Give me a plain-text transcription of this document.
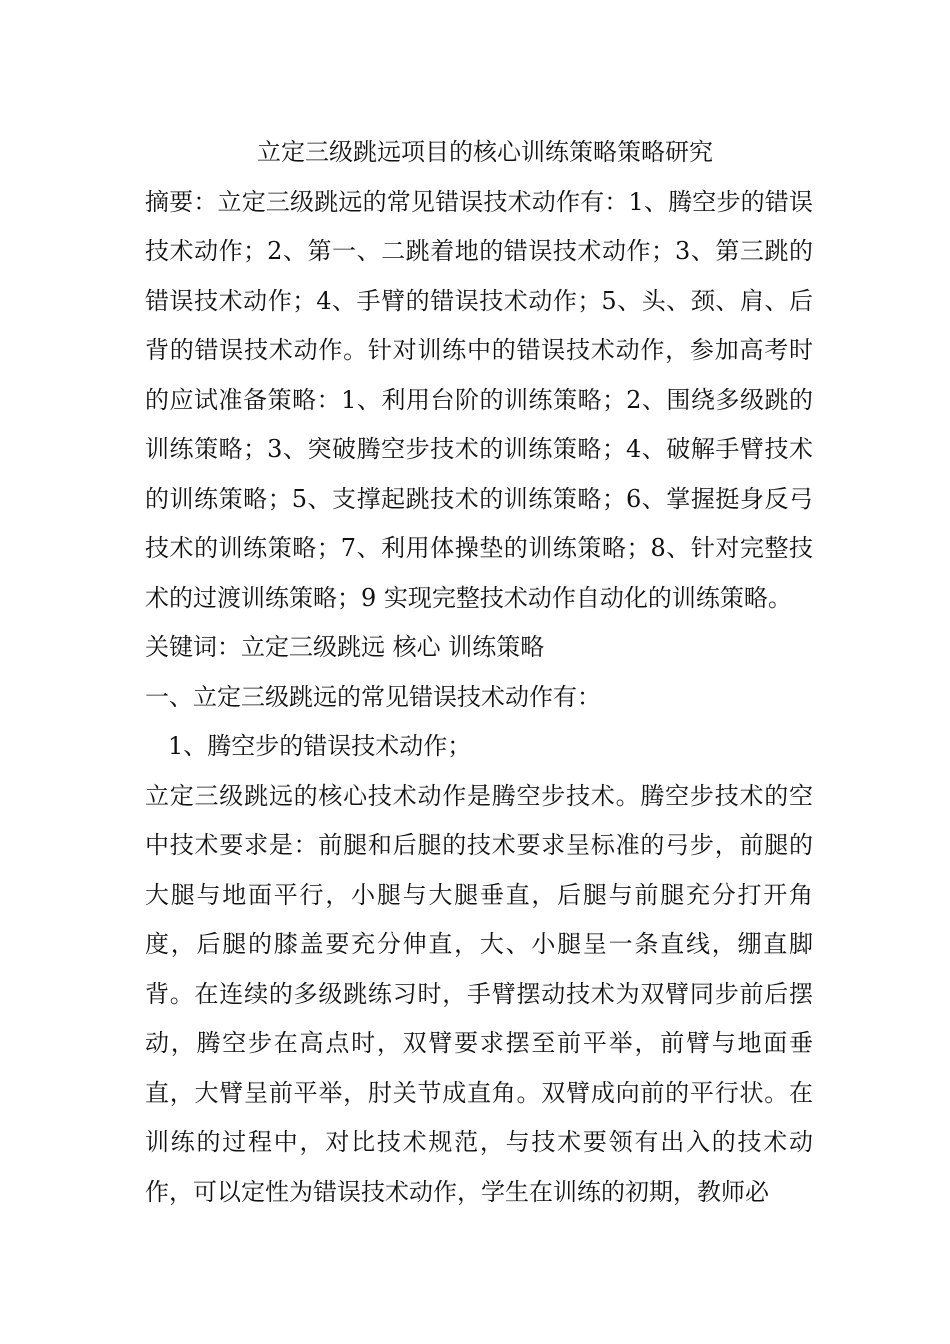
立定三级跳远项目的核心训练策略策略研究

摘要：立定三级跳远的常见错误技术动作有：1、腾空步的错误技术动作；2、第一、二跳着地的错误技术动作；3、第三跳的错误技术动作；4、手臂的错误技术动作；5、头、颈、肩、后背的错误技术动作。针对训练中的错误技术动作，参加高考时的应试准备策略：1、利用台阶的训练策略；2、围绕多级跳的训练策略；3、突破腾空步技术的训练策略；4、破解手臂技术的训练策略；5、支撑起跳技术的训练策略；6、掌握挺身反弓技术的训练策略；7、利用体操垫的训练策略；8、针对完整技术的过渡训练策略；9 实现完整技术动作自动化的训练策略。

关键词：立定三级跳远 核心 训练策略

一、立定三级跳远的常见错误技术动作有：

1、腾空步的错误技术动作；

立定三级跳远的核心技术动作是腾空步技术。腾空步技术的空中技术要求是：前腿和后腿的技术要求呈标准的弓步，前腿的大腿与地面平行，小腿与大腿垂直，后腿与前腿充分打开角度，后腿的膝盖要充分伸直，大、小腿呈一条直线，绷直脚背。在连续的多级跳练习时，手臂摆动技术为双臂同步前后摆动，腾空步在高点时，双臂要求摆至前平举，前臂与地面垂直，大臂呈前平举，肘关节成直角。双臂成向前的平行状。在训练的过程中，对比技术规范，与技术要领有出入的技术动作，可以定性为错误技术动作，学生在训练的初期，教师必
